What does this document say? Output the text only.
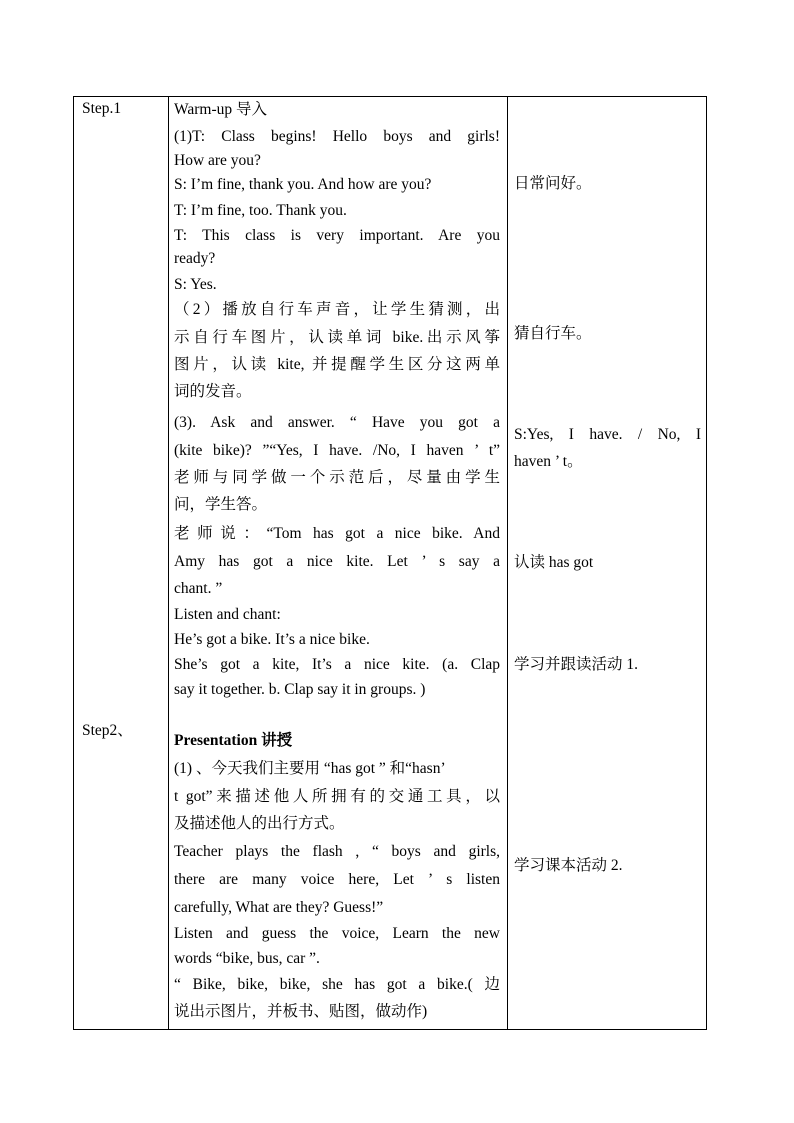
Step.1
Step2、
Warm-up 导入
(1)T: Class begins! Hello boys and girls!
How are you?
S: I’m fine, thank you. And how are you?
T: I’m fine, too. Thank you.
T: This class is very important. Are you
ready?
S: Yes.
（2）播放自行车声音，让学生猜测，出
示自行车图片，认读单词 bike.出示风筝
图片，认读 kite, 并提醒学生区分这两单
词的发音。
(3). Ask and answer. “ Have you got a
(kite bike)? ”“Yes, I have. /No, I haven ’ t”
老师与同学做一个示范后，尽量由学生
问，学生答。
老师说：“Tom has got a nice bike. And
Amy has got a nice kite. Let ’ s say a
chant. ”
Listen and chant:
He’s got a bike. It’s a nice bike.
She’s got a kite, It’s a nice kite. (a. Clap
say it together. b. Clap say it in groups. )
Presentation 讲授
(1) 、今天我们主要用 “has got ” 和“hasn’
t got”来描述他人所拥有的交通工具，以
及描述他人的出行方式。
Teacher plays the flash , “ boys and girls,
there are many voice here, Let ’ s listen
carefully, What are they? Guess!”
Listen and guess the voice, Learn the new
words “bike, bus, car ”.
“ Bike, bike, bike, she has got a bike.( 边
说出示图片，并板书、贴图，做动作)
日常问好。
猜自行车。
S:Yes, I have. / No, I
haven ’ t。
认读 has got
学习并跟读活动 1.
学习课本活动 2.
